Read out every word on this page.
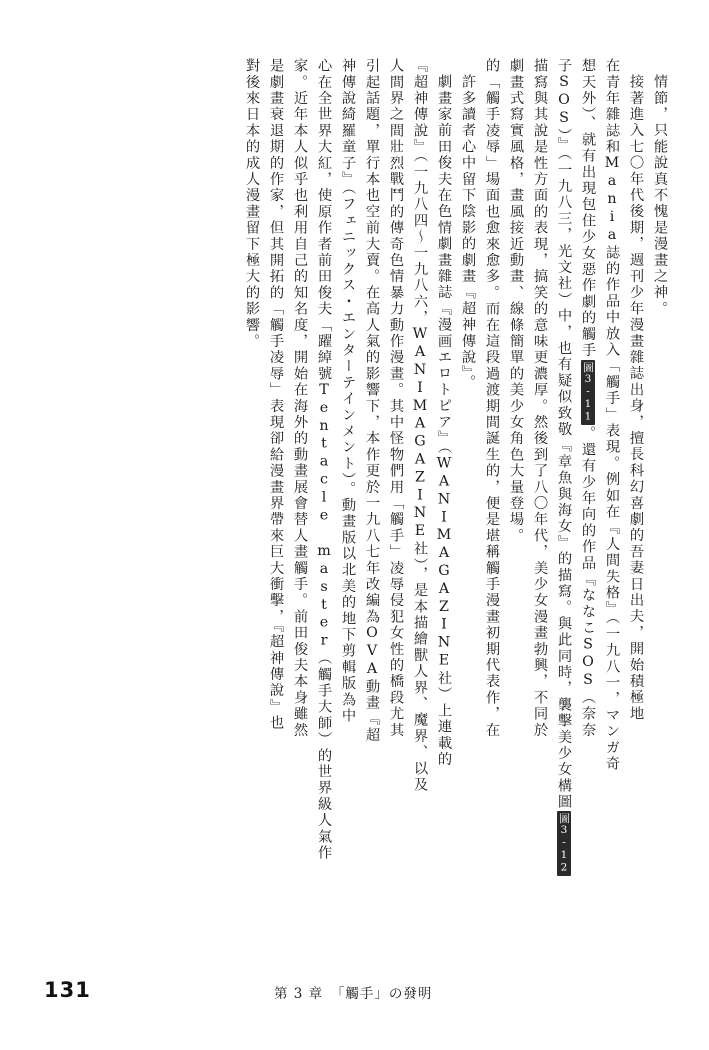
情節，只能說真不愧是漫畫之神。
接著進入七〇年代後期，週刊少年漫畫雜誌出身，擅長科幻喜劇的吾妻日出夫，開始積極地
在青年雜誌和Mania誌的作品中放入「觸手」表現。例如在『人間失格』（一九八一，マンガ奇
想天外）、就有出現包住少女惡作劇的觸手圖3-11。還有少年向的作品『ななこSOS（奈奈
子SOS）』（一九八三，光文社）中，也有疑似致敬『章魚與海女』的描寫。與此同時，襲擊美少女構圖圖3-12
描寫與其說是性方面的表現，搞笑的意味更濃厚。然後到了八〇年代，美少女漫畫勃興，不同於
劇畫式寫實風格，畫風接近動畫、線條簡單的美少女角色大量登場。
的「觸手凌辱」場面也愈來愈多。而在這段過渡期間誕生的，便是堪稱觸手漫畫初期代表作，在
許多讀者心中留下陰影的劇畫『超神傳說』。
劇畫家前田俊夫在色情劇畫雜誌『漫画エロトピア』（WANIMAGAZINE社）上連載的
『超神傳說』（一九八四～一九八六，WANIMAGAZINE社），是本描繪獸人界、魔界、以及
人間界之間壯烈戰鬥的傳奇色情暴力動作漫畫。其中怪物們用「觸手」凌辱侵犯女性的橋段尤其
引起話題，單行本也空前大賣。在高人氣的影響下，本作更於一九八七年改編為OVA動畫『超
神傳說綺羅童子』（フェニックス・エンターテインメント）。動畫版以北美的地下剪輯版為中
心在全世界大紅，使原作者前田俊夫「躍綽號Tentacle master（觸手大師）的世界級人氣作
家。近年本人似乎也利用自己的知名度，開始在海外的動畫展會替人畫觸手。前田俊夫本身雖然
是劇畫衰退期的作家，但其開拓的「觸手凌辱」表現卻給漫畫界帶來巨大衝擊，『超神傳說』也
對後來日本的成人漫畫留下極大的影響。
131	第 3 章　「觸手」の發明
